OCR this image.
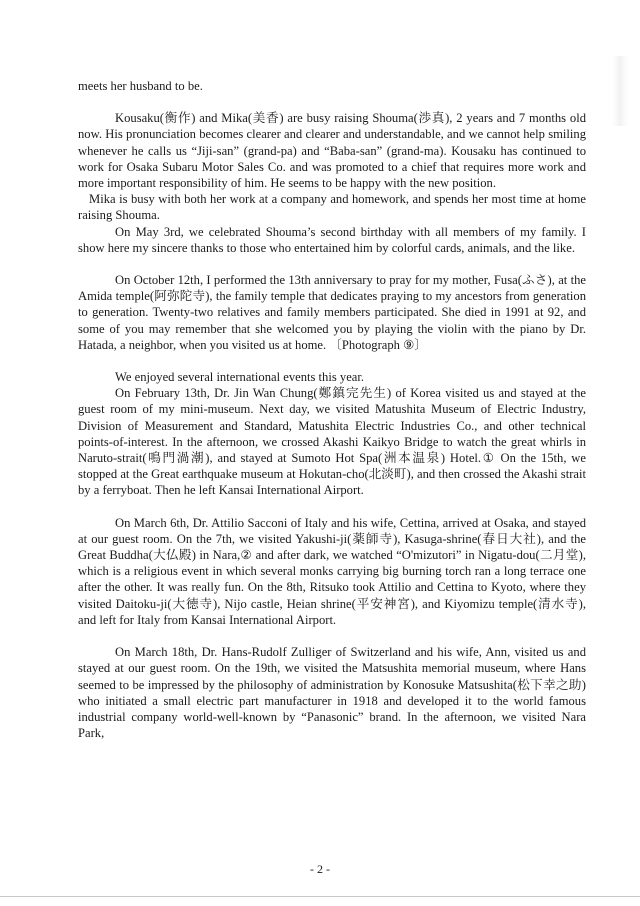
meets her husband to be.

Kousaku(衡作) and Mika(美香) are busy raising Shouma(渉真), 2 years and 7 months old now. His pronunciation becomes clearer and clearer and understandable, and we cannot help smiling whenever he calls us “Jiji-san” (grand-pa) and “Baba-san” (grand-ma). Kousaku has continued to work for Osaka Subaru Motor Sales Co. and was promoted to a chief that requires more work and more important responsibility of him. He seems to be happy with the new position.

Mika is busy with both her work at a company and homework, and spends her most time at home raising Shouma.

On May 3rd, we celebrated Shouma’s second birthday with all members of my family. I show here my sincere thanks to those who entertained him by colorful cards, animals, and the like.

On October 12th, I performed the 13th anniversary to pray for my mother, Fusa(ふさ), at the Amida temple(阿弥陀寺), the family temple that dedicates praying to my ancestors from generation to generation. Twenty-two relatives and family members participated. She died in 1991 at 92, and some of you may remember that she welcomed you by playing the violin with the piano by Dr. Hatada, a neighbor, when you visited us at home. 〔Photograph ⑨〕

We enjoyed several international events this year.

On February 13th, Dr. Jin Wan Chung(鄭鎮完先生) of Korea visited us and stayed at the guest room of my mini-museum. Next day, we visited Matushita Museum of Electric Industry, Division of Measurement and Standard, Matushita Electric Industries Co., and other technical points-of-interest. In the afternoon, we crossed Akashi Kaikyo Bridge to watch the great whirls in Naruto-strait(鳴門渦潮), and stayed at Sumoto Hot Spa(洲本温泉) Hotel.① On the 15th, we stopped at the Great earthquake museum at Hokutan-cho(北淡町), and then crossed the Akashi strait by a ferryboat. Then he left Kansai International Airport.

On March 6th, Dr. Attilio Sacconi of Italy and his wife, Cettina, arrived at Osaka, and stayed at our guest room. On the 7th, we visited Yakushi-ji(薬師寺), Kasuga-shrine(春日大社), and the Great Buddha(大仏殿) in Nara,② and after dark, we watched “O'mizutori” in Nigatu-dou(二月堂), which is a religious event in which several monks carrying big burning torch ran a long terrace one after the other. It was really fun. On the 8th, Ritsuko took Attilio and Cettina to Kyoto, where they visited Daitoku-ji(大徳寺), Nijo castle, Heian shrine(平安神宮), and Kiyomizu temple(清水寺), and left for Italy from Kansai International Airport.

On March 18th, Dr. Hans-Rudolf Zulliger of Switzerland and his wife, Ann, visited us and stayed at our guest room. On the 19th, we visited the Matsushita memorial museum, where Hans seemed to be impressed by the philosophy of administration by Konosuke Matsushita(松下幸之助) who initiated a small electric part manufacturer in 1918 and developed it to the world famous industrial company world-well-known by “Panasonic” brand. In the afternoon, we visited Nara Park,

- 2 -
